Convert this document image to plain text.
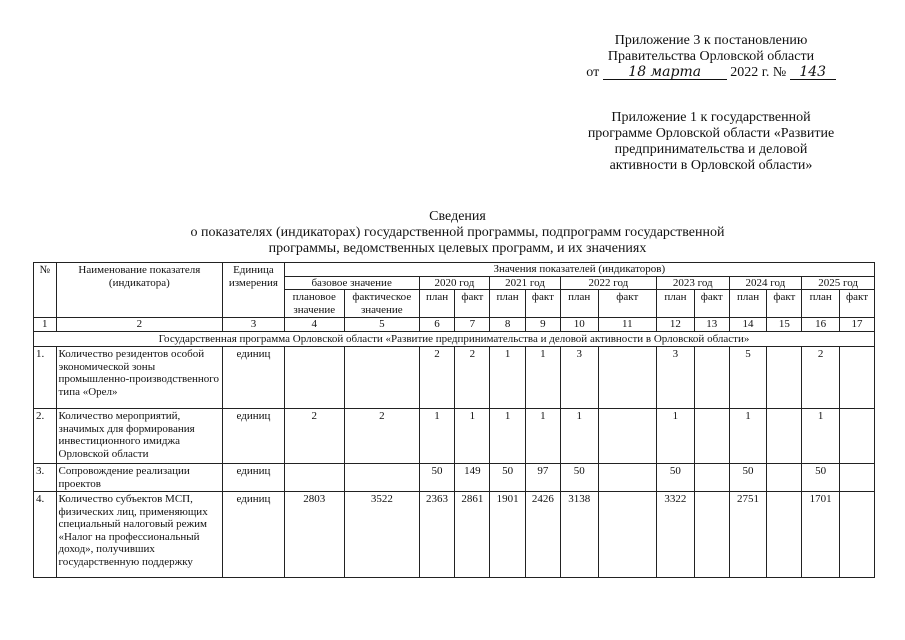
Приложение 3 к постановлению
Правительства Орловской области
от 18 марта 2022 г. № 143
Приложение 1 к государственной
программе Орловской области «Развитие
предпринимательства и деловой
активности в Орловской области»
Сведения
о показателях (индикаторах) государственной программы, подпрограмм государственной
программы, ведомственных целевых программ, и их значениях
№	Наименование показателя (индикатора)	Единица измерения	Значения показателей (индикаторов)													
			базовое значение		2020 год		2021 год		2022 год		2023 год		2024 год		2025 год	
			плановое значение	фактическое значение	план	факт	план	факт	план	факт	план	факт	план	факт	план	факт
1	2	3	4	5	6	7	8	9	10	11	12	13	14	15	16	17
Государственная программа Орловской области «Развитие предпринимательства и деловой активности в Орловской области»																
1.	Количество резидентов особой экономической зоны промышленно-производственного типа «Орел»	единиц			2	2	1	1	3		3		5		2	
2.	Количество мероприятий, значимых для формирования инвестиционного имиджа Орловской области	единиц	2	2	1	1	1	1	1		1		1		1	
3.	Сопровождение реализации проектов	единиц			50	149	50	97	50		50		50		50	
4.	Количество субъектов МСП, физических лиц, применяющих специальный налоговый режим «Налог на профессиональный доход», получивших государственную поддержку	единиц	2803	3522	2363	2861	1901	2426	3138		3322		2751		1701	
